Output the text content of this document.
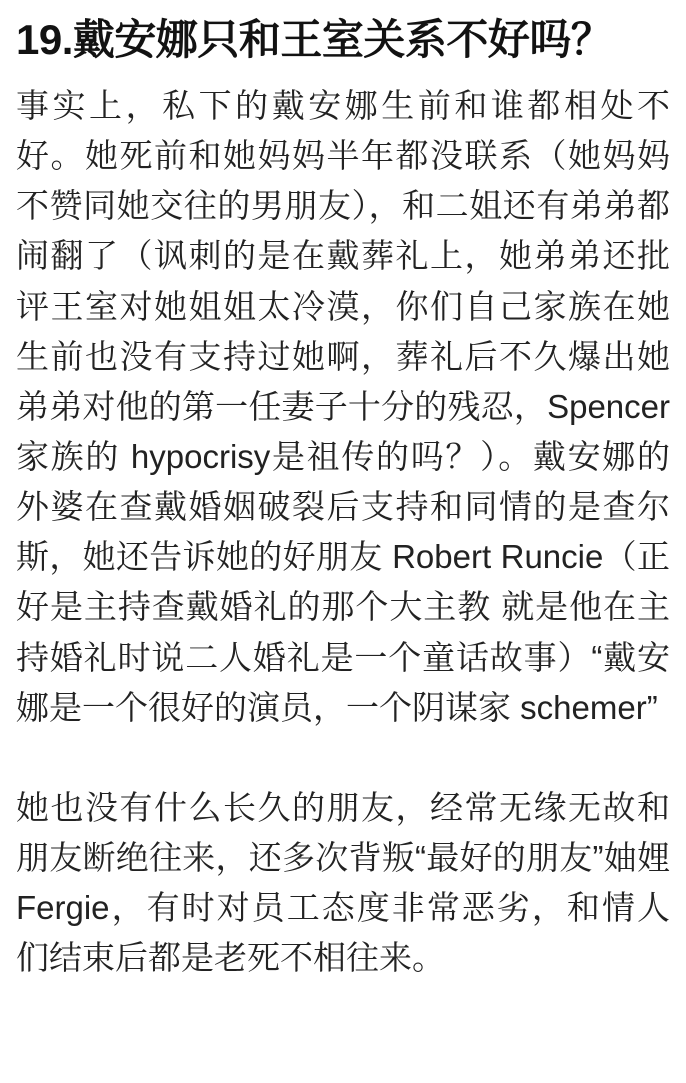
19.戴安娜只和王室关系不好吗？

事实上，私下的戴安娜生前和谁都相处不好。她死前和她妈妈半年都没联系（她妈妈不赞同她交往的男朋友），和二姐还有弟弟都闹翻了（讽刺的是在戴葬礼上，她弟弟还批评王室对她姐姐太冷漠，你们自己家族在她生前也没有支持过她啊，葬礼后不久爆出她弟弟对他的第一任妻子十分的残忍，Spencer家族的 hypocrisy是祖传的吗？）。戴安娜的外婆在查戴婚姻破裂后支持和同情的是查尔斯，她还告诉她的好朋友 Robert Runcie（正好是主持查戴婚礼的那个大主教 就是他在主持婚礼时说二人婚礼是一个童话故事）“戴安娜是一个很好的演员，一个阴谋家 schemer”

她也没有什么长久的朋友，经常无缘无故和朋友断绝往来，还多次背叛“最好的朋友”妯娌 Fergie，有时对员工态度非常恶劣，和情人们结束后都是老死不相往来。
